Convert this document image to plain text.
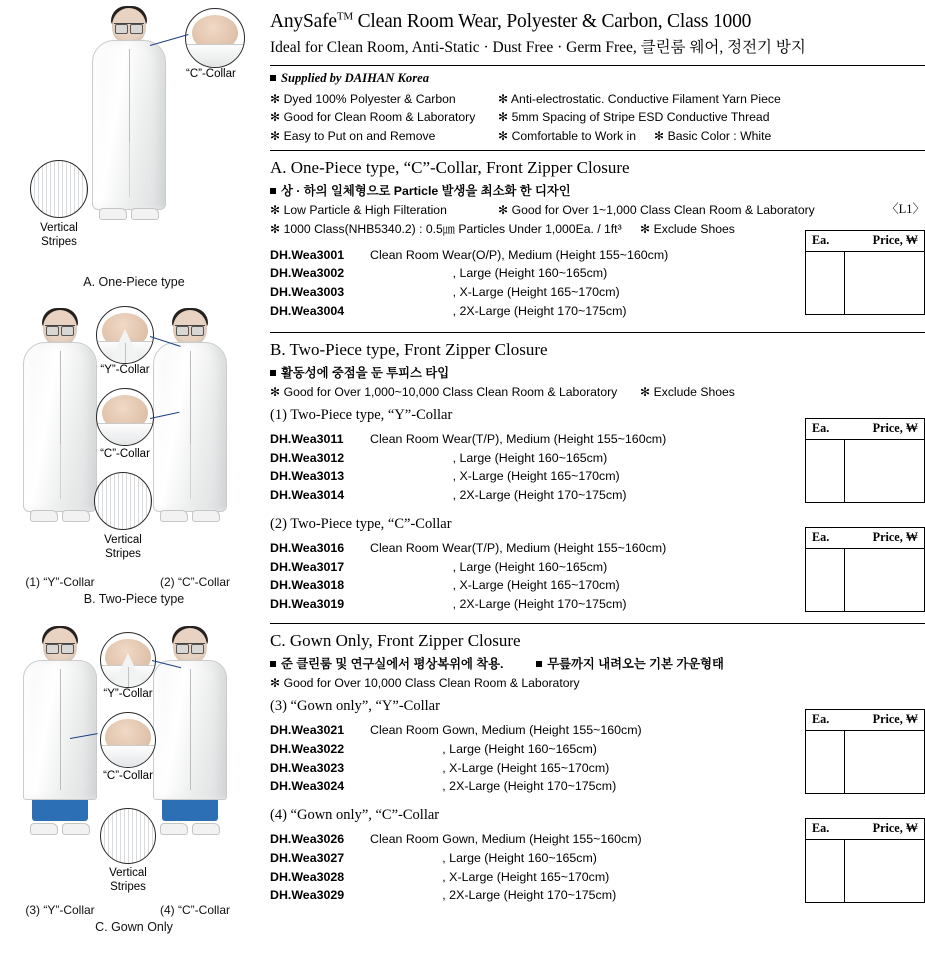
“C”-Collar
Vertical
Stripes
A. One-Piece type
“Y”-Collar
“C”-Collar
Vertical
Stripes
(1) “Y”-Collar	(2) “C”-Collar
B. Two-Piece type
“Y”-Collar
“C”-Collar
Vertical
Stripes
(3) “Y”-Collar	(4) “C”-Collar
C. Gown Only
AnySafe™ Clean Room Wear, Polyester & Carbon, Class 1000
Ideal for Clean Room, Anti-Static · Dust Free · Germ Free, 클린룸 웨어, 정전기 방지
Supplied by DAIHAN Korea
✻ Dyed 100% Polyester & Carbon	✻ Anti-electrostatic. Conductive Filament Yarn Piece
✻ Good for Clean Room & Laboratory	✻ 5mm Spacing of Stripe ESD Conductive Thread
✻ Easy to Put on and Remove	✻ Comfortable to Work in ✻ Basic Color : White
A. One-Piece type, “C”-Collar, Front Zipper Closure
상 · 하의 일체형으로 Particle 발생을 최소화 한 디자인
✻ Low Particle & High Filteration	✻ Good for Over 1~1,000 Class Clean Room & Laboratory
✻ 1000 Class(NHB5340.2) : 0.5㎛ Particles Under 1,000Ea. / 1ft³	✻ Exclude Shoes
〈L1〉
Ea.	Price, ₩
DH.Wea3001	Clean Room Wear(O/P), Medium (Height 155~160cm)
DH.Wea3002	, Large (Height 160~165cm)
DH.Wea3003	, X-Large (Height 165~170cm)
DH.Wea3004	, 2X-Large (Height 170~175cm)
B. Two-Piece type, Front Zipper Closure
활동성에 중점을 둔 투피스 타입
✻ Good for Over 1,000~10,000 Class Clean Room & Laboratory	✻ Exclude Shoes
(1) Two-Piece type, “Y”-Collar
Ea.	Price, ₩
DH.Wea3011	Clean Room Wear(T/P), Medium (Height 155~160cm)
DH.Wea3012	, Large (Height 160~165cm)
DH.Wea3013	, X-Large (Height 165~170cm)
DH.Wea3014	, 2X-Large (Height 170~175cm)
(2) Two-Piece type, “C”-Collar
Ea.	Price, ₩
DH.Wea3016	Clean Room Wear(T/P), Medium (Height 155~160cm)
DH.Wea3017	, Large (Height 160~165cm)
DH.Wea3018	, X-Large (Height 165~170cm)
DH.Wea3019	, 2X-Large (Height 170~175cm)
C. Gown Only, Front Zipper Closure
준 클린룸 및 연구실에서 평상복위에 착용.	무릎까지 내려오는 기본 가운형태
✻ Good for Over 10,000 Class Clean Room & Laboratory
(3) “Gown only”, “Y”-Collar
Ea.	Price, ₩
DH.Wea3021	Clean Room Gown, Medium (Height 155~160cm)
DH.Wea3022	, Large (Height 160~165cm)
DH.Wea3023	, X-Large (Height 165~170cm)
DH.Wea3024	, 2X-Large (Height 170~175cm)
(4) “Gown only”, “C”-Collar
Ea.	Price, ₩
DH.Wea3026	Clean Room Gown, Medium (Height 155~160cm)
DH.Wea3027	, Large (Height 160~165cm)
DH.Wea3028	, X-Large (Height 165~170cm)
DH.Wea3029	, 2X-Large (Height 170~175cm)
